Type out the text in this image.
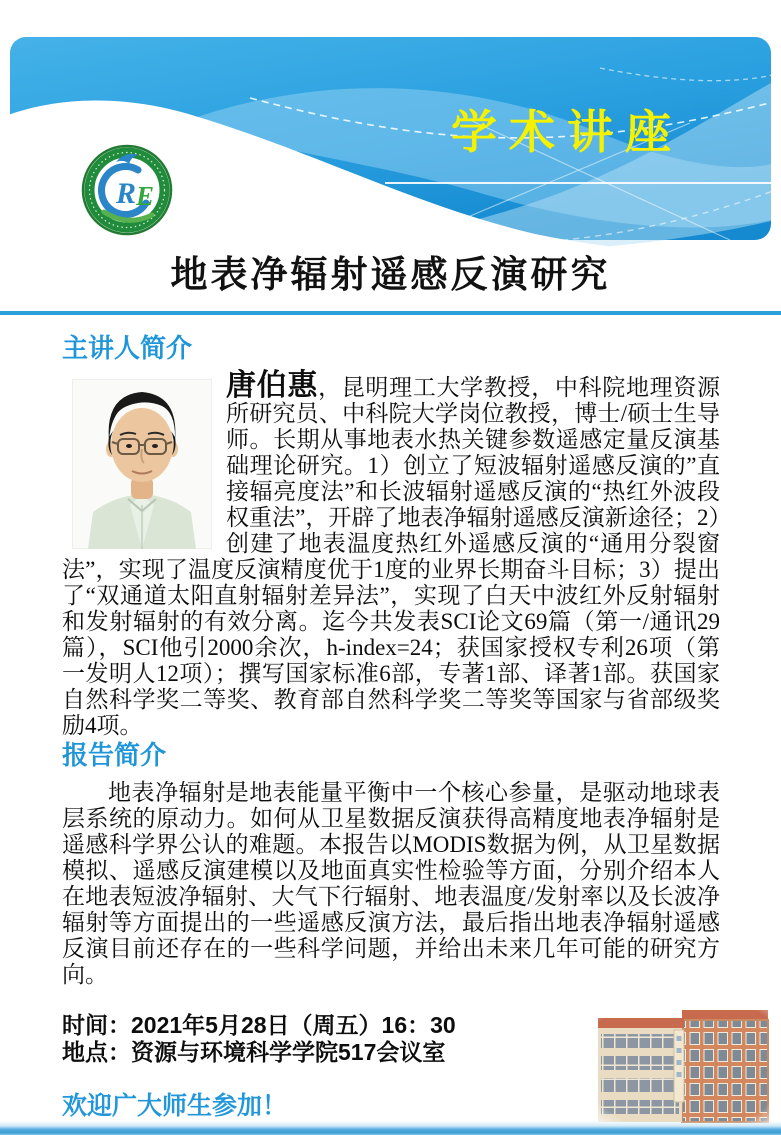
学术讲座
R E
地表净辐射遥感反演研究
主讲人简介

唐伯惠，昆明理工大学教授，中科院地理资源所研究员、中科院大学岗位教授，博士/硕士生导师。长期从事地表水热关键参数遥感定量反演基础理论研究。1）创立了短波辐射遥感反演的”直接辐亮度法”和长波辐射遥感反演的“热红外波段权重法”，开辟了地表净辐射遥感反演新途径；2）创建了地表温度热红外遥感反演的“通用分裂窗法”，实现了温度反演精度优于1度的业界长期奋斗目标；3）提出了“双通道太阳直射辐射差异法”，实现了白天中波红外反射辐射和发射辐射的有效分离。迄今共发表SCI论文69篇（第一/通讯29篇），SCI他引2000余次，h-index=24；获国家授权专利26项（第一发明人12项）；撰写国家标准6部，专著1部、译著1部。获国家自然科学奖二等奖、教育部自然科学奖二等奖等国家与省部级奖励4项。

报告简介

地表净辐射是地表能量平衡中一个核心参量，是驱动地球表层系统的原动力。如何从卫星数据反演获得高精度地表净辐射是遥感科学界公认的难题。本报告以MODIS数据为例，从卫星数据模拟、遥感反演建模以及地面真实性检验等方面，分别介绍本人在地表短波净辐射、大气下行辐射、地表温度/发射率以及长波净辐射等方面提出的一些遥感反演方法，最后指出地表净辐射遥感反演目前还存在的一些科学问题，并给出未来几年可能的研究方向。

时间：2021年5月28日（周五）16：30
地点：资源与环境科学学院517会议室
欢迎广大师生参加！
